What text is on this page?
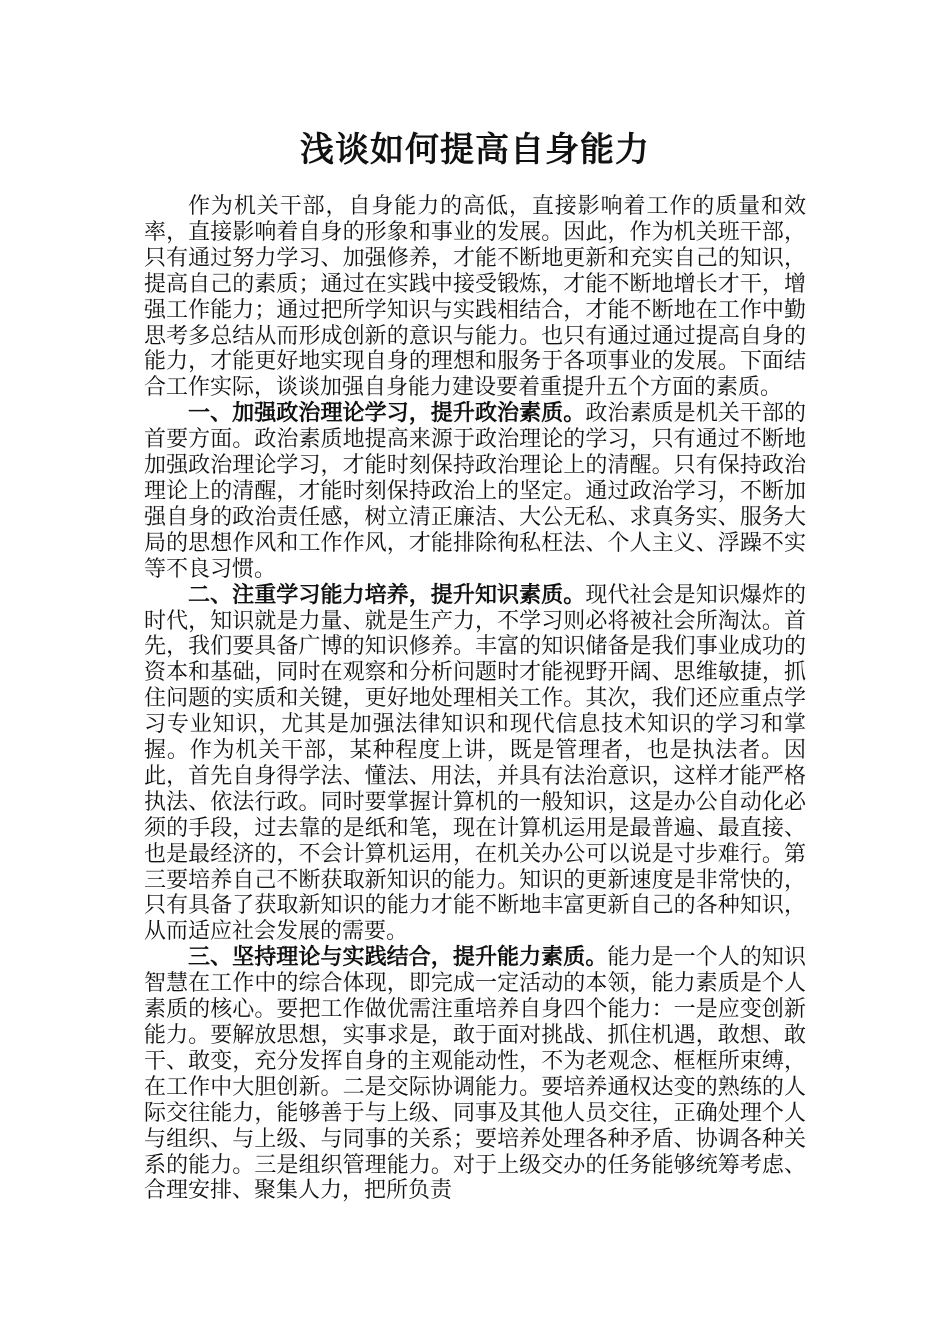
浅谈如何提高自身能力

作为机关干部，自身能力的高低，直接影响着工作的质量和效率，直接影响着自身的形象和事业的发展。因此，作为机关班干部，只有通过努力学习、加强修养，才能不断地更新和充实自己的知识，提高自己的素质；通过在实践中接受锻炼，才能不断地增长才干，增强工作能力；通过把所学知识与实践相结合，才能不断地在工作中勤思考多总结从而形成创新的意识与能力。也只有通过通过提高自身的能力，才能更好地实现自身的理想和服务于各项事业的发展。下面结合工作实际，谈谈加强自身能力建设要着重提升五个方面的素质。

一、加强政治理论学习，提升政治素质。政治素质是机关干部的首要方面。政治素质地提高来源于政治理论的学习，只有通过不断地加强政治理论学习，才能时刻保持政治理论上的清醒。只有保持政治理论上的清醒，才能时刻保持政治上的坚定。通过政治学习，不断加强自身的政治责任感，树立清正廉洁、大公无私、求真务实、服务大局的思想作风和工作作风，才能排除徇私枉法、个人主义、浮躁不实等不良习惯。

二、注重学习能力培养，提升知识素质。现代社会是知识爆炸的时代，知识就是力量、就是生产力，不学习则必将被社会所淘汰。首先，我们要具备广博的知识修养。丰富的知识储备是我们事业成功的资本和基础，同时在观察和分析问题时才能视野开阔、思维敏捷，抓住问题的实质和关键，更好地处理相关工作。其次，我们还应重点学习专业知识，尤其是加强法律知识和现代信息技术知识的学习和掌握。作为机关干部，某种程度上讲，既是管理者，也是执法者。因此，首先自身得学法、懂法、用法，并具有法治意识，这样才能严格执法、依法行政。同时要掌握计算机的一般知识，这是办公自动化必须的手段，过去靠的是纸和笔，现在计算机运用是最普遍、最直接、也是最经济的，不会计算机运用，在机关办公可以说是寸步难行。第三要培养自己不断获取新知识的能力。知识的更新速度是非常快的，只有具备了获取新知识的能力才能不断地丰富更新自己的各种知识，从而适应社会发展的需要。

三、坚持理论与实践结合，提升能力素质。能力是一个人的知识智慧在工作中的综合体现，即完成一定活动的本领，能力素质是个人素质的核心。要把工作做优需注重培养自身四个能力：一是应变创新能力。要解放思想，实事求是，敢于面对挑战、抓住机遇，敢想、敢干、敢变，充分发挥自身的主观能动性，不为老观念、框框所束缚，在工作中大胆创新。二是交际协调能力。要培养通权达变的熟练的人际交往能力，能够善于与上级、同事及其他人员交往，正确处理个人与组织、与上级、与同事的关系；要培养处理各种矛盾、协调各种关系的能力。三是组织管理能力。对于上级交办的任务能够统筹考虑、合理安排、聚集人力，把所负责
